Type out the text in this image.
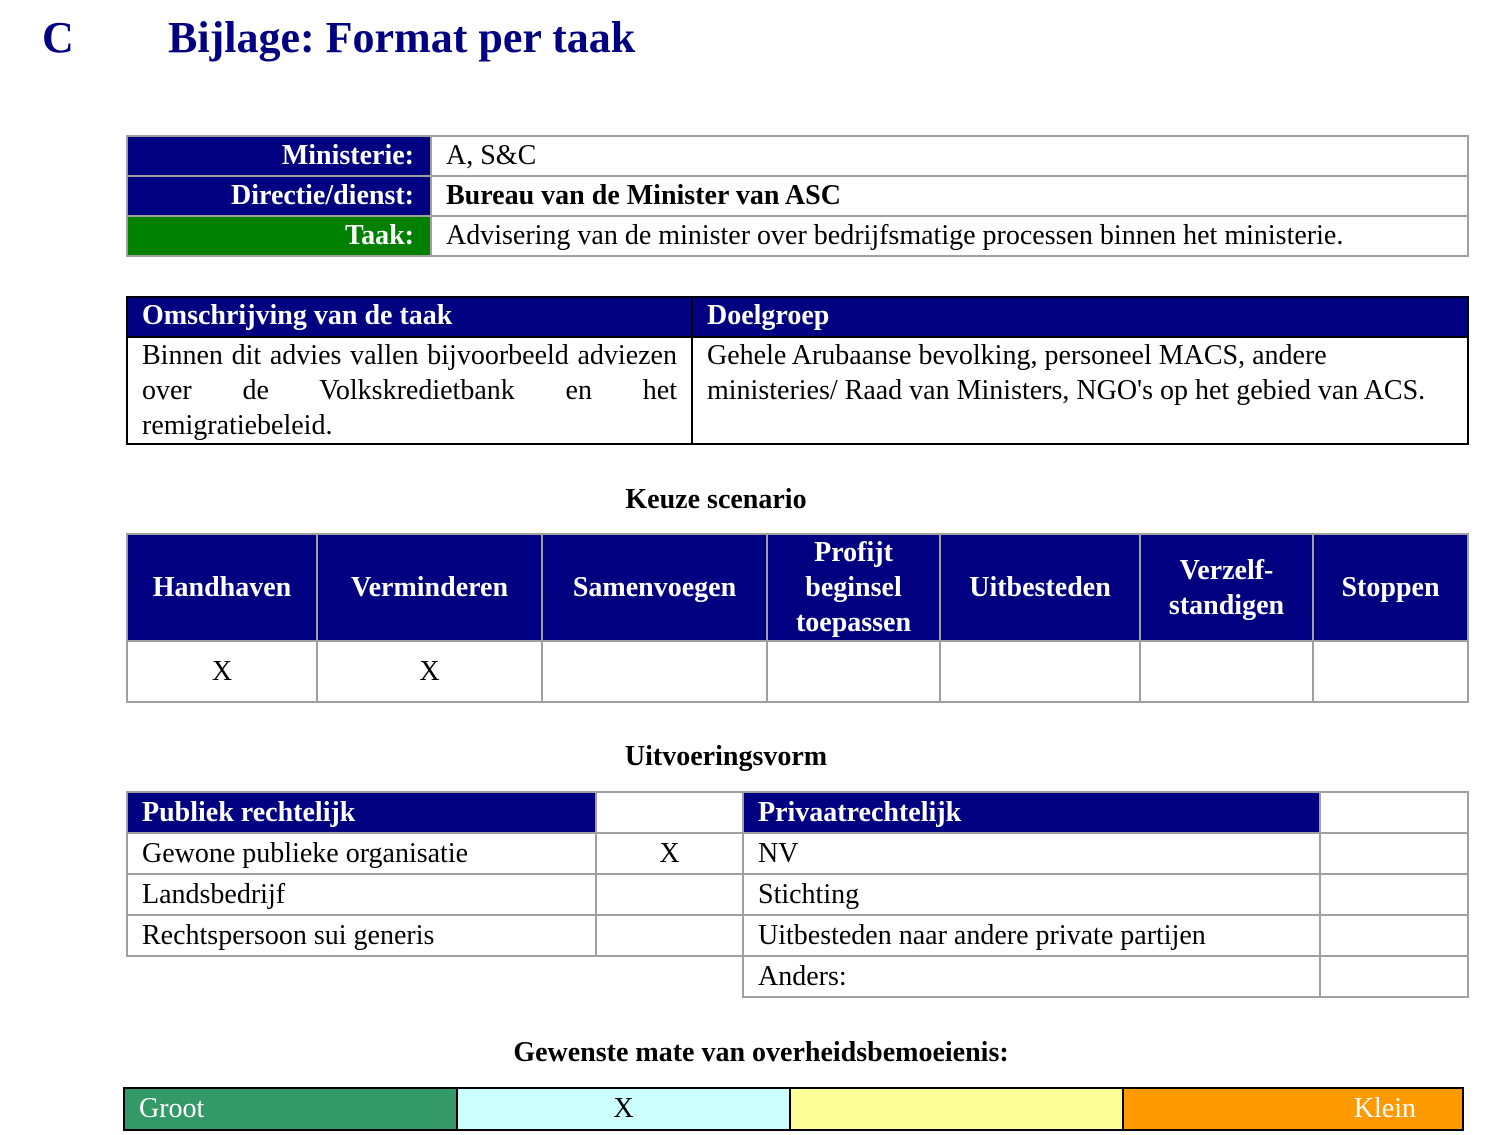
C Bijlage: Format per taak
Ministerie:	A, S&C
Directie/dienst:	Bureau van de Minister van ASC
Taak:	Advisering van de minister over bedrijfsmatige processen binnen het ministerie.
Omschrijving van de taak	Doelgroep
Binnen dit advies vallen bijvoorbeeld adviezen over de Volkskredietbank en het remigratiebeleid.	Gehele Arubaanse bevolking, personeel MACS, andere ministeries/ Raad van Ministers, NGO's op het gebied van ACS.
Keuze scenario
Handhaven	Verminderen	Samenvoegen	Profijt beginsel toepassen	Uitbesteden	Verzelf-standigen	Stoppen
X	X					
Uitvoeringsvorm
Publiek rechtelijk		Privaatrechtelijk	
Gewone publieke organisatie	X	NV	
Landsbedrijf		Stichting	
Rechtspersoon sui generis		Uitbesteden naar andere private partijen	
		Anders:	
Gewenste mate van overheidsbemoeienis:
Groot	X		Klein
